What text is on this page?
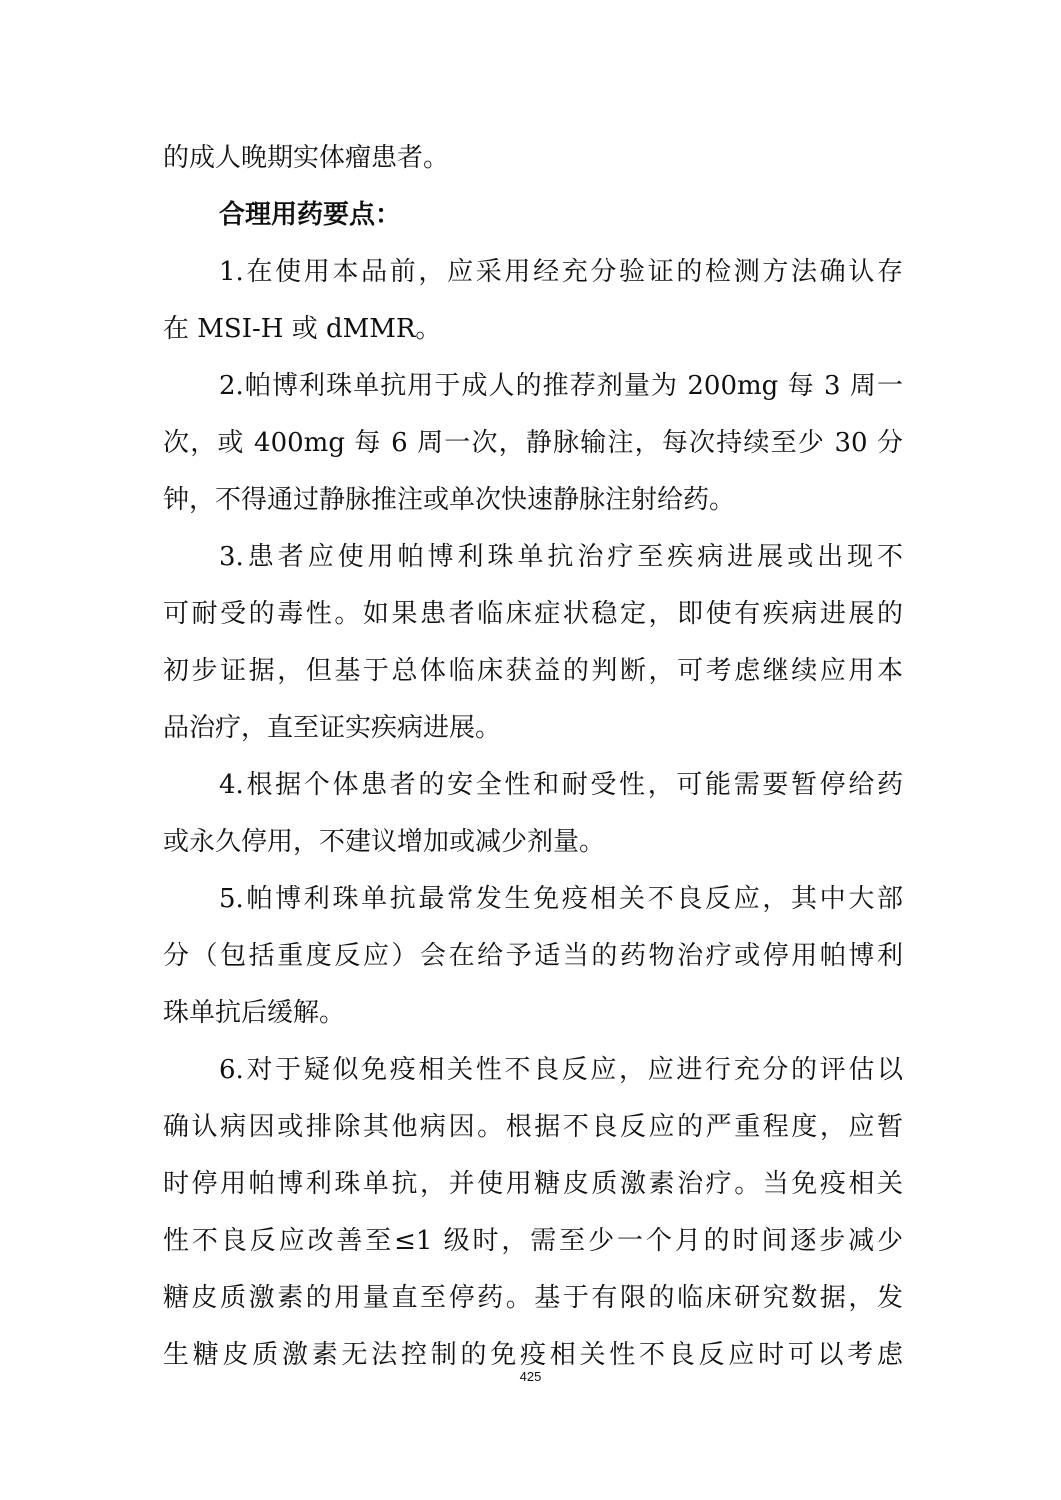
的成人晚期实体瘤患者。
合理用药要点：
1.在使用本品前，应采用经充分验证的检测方法确认存
在 MSI-H 或 dMMR。
2.帕博利珠单抗用于成人的推荐剂量为 200mg 每 3 周一
次，或 400mg 每 6 周一次，静脉输注，每次持续至少 30 分
钟，不得通过静脉推注或单次快速静脉注射给药。
3.患者应使用帕博利珠单抗治疗至疾病进展或出现不
可耐受的毒性。如果患者临床症状稳定，即使有疾病进展的
初步证据，但基于总体临床获益的判断，可考虑继续应用本
品治疗，直至证实疾病进展。
4.根据个体患者的安全性和耐受性，可能需要暂停给药
或永久停用，不建议增加或减少剂量。
5.帕博利珠单抗最常发生免疫相关不良反应，其中大部
分（包括重度反应）会在给予适当的药物治疗或停用帕博利
珠单抗后缓解。
6.对于疑似免疫相关性不良反应，应进行充分的评估以
确认病因或排除其他病因。根据不良反应的严重程度，应暂
时停用帕博利珠单抗，并使用糖皮质激素治疗。当免疫相关
性不良反应改善至≤1 级时，需至少一个月的时间逐步减少
糖皮质激素的用量直至停药。基于有限的临床研究数据，发
生糖皮质激素无法控制的免疫相关性不良反应时可以考虑
425
